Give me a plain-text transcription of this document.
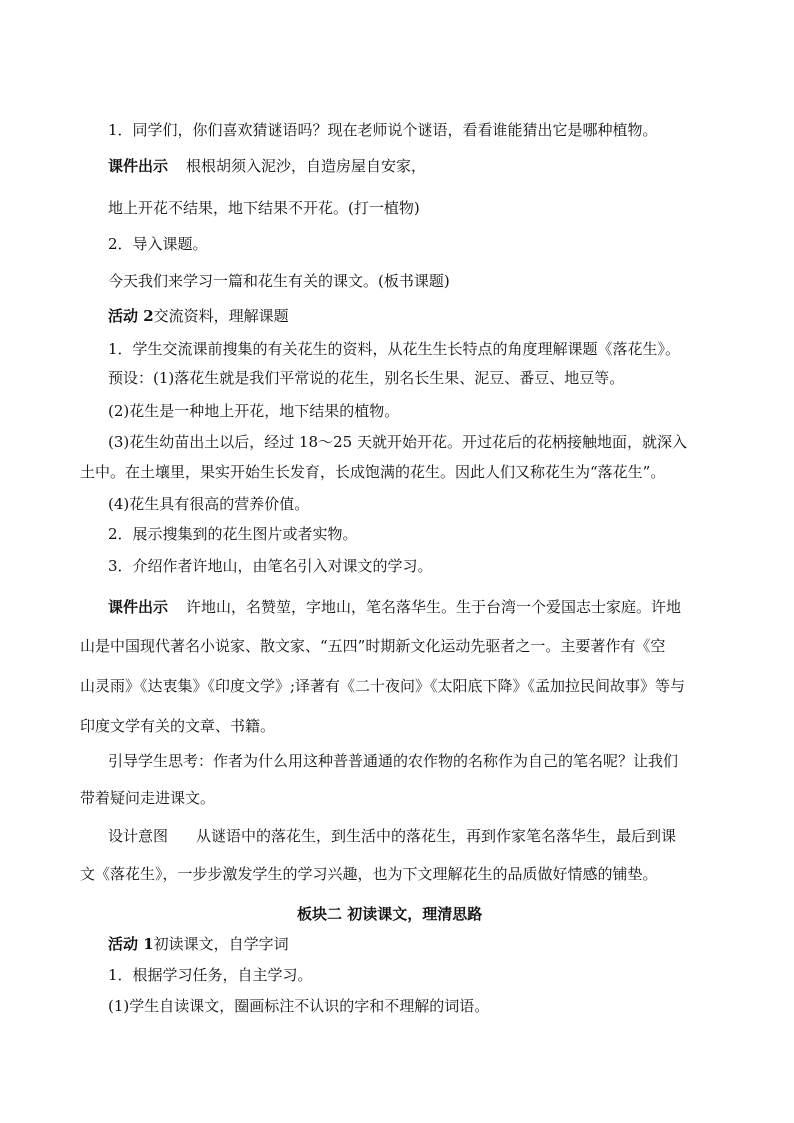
1．同学们，你们喜欢猜谜语吗？现在老师说个谜语，看看谁能猜出它是哪种植物。
课件出示 根根胡须入泥沙，自造房屋自安家，
地上开花不结果，地下结果不开花。(打一植物)
2．导入课题。
今天我们来学习一篇和花生有关的课文。(板书课题)
活动 2交流资料，理解课题
1．学生交流课前搜集的有关花生的资料，从花生生长特点的角度理解课题《落花生》。
预设：(1)落花生就是我们平常说的花生，别名长生果、泥豆、番豆、地豆等。
(2)花生是一种地上开花，地下结果的植物。
(3)花生幼苗出土以后，经过 18～25 天就开始开花。开过花后的花柄接触地面，就深入
土中。在土壤里，果实开始生长发育，长成饱满的花生。因此人们又称花生为“落花生”。
(4)花生具有很高的营养价值。
2．展示搜集到的花生图片或者实物。
3．介绍作者许地山，由笔名引入对课文的学习。
课件出示 许地山，名赞堃，字地山，笔名落华生。生于台湾一个爱国志士家庭。许地
山是中国现代著名小说家、散文家、“五四”时期新文化运动先驱者之一。主要著作有《空
山灵雨》《达衷集》《印度文学》;译著有《二十夜问》《太阳底下降》《孟加拉民间故事》等与
印度文学有关的文章、书籍。
引导学生思考：作者为什么用这种普普通通的农作物的名称作为自己的笔名呢？让我们
带着疑问走进课文。
设计意图 从谜语中的落花生，到生活中的落花生，再到作家笔名落华生，最后到课
文《落花生》，一步步激发学生的学习兴趣，也为下文理解花生的品质做好情感的铺垫。
板块二 初读课文，理清思路
活动 1初读课文，自学字词
1．根据学习任务，自主学习。
(1)学生自读课文，圈画标注不认识的字和不理解的词语。
